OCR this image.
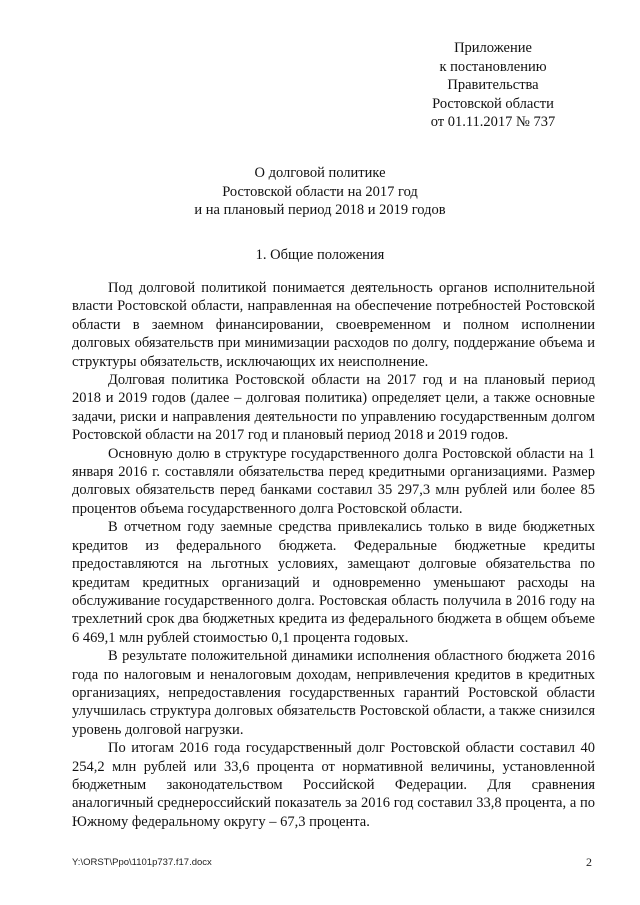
Приложение
к постановлению
Правительства
Ростовской области
от 01.11.2017 № 737
О долговой политике
Ростовской области на 2017 год
и на плановый период 2018 и 2019 годов
1. Общие положения

Под долговой политикой понимается деятельность органов исполнительной власти Ростовской области, направленная на обеспечение потребностей Ростовской области в заемном финансировании, своевременном и полном исполнении долговых обязательств при минимизации расходов по долгу, поддержание объема и структуры обязательств, исключающих их неисполнение.

Долговая политика Ростовской области на 2017 год и на плановый период 2018 и 2019 годов (далее – долговая политика) определяет цели, а также основные задачи, риски и направления деятельности по управлению государственным долгом Ростовской области на 2017 год и плановый период 2018 и 2019 годов.

Основную долю в структуре государственного долга Ростовской области на 1 января 2016 г. составляли обязательства перед кредитными организациями. Размер долговых обязательств перед банками составил 35 297,3 млн рублей или более 85 процентов объема государственного долга Ростовской области.

В отчетном году заемные средства привлекались только в виде бюджетных кредитов из федерального бюджета. Федеральные бюджетные кредиты предоставляются на льготных условиях, замещают долговые обязательства по кредитам кредитных организаций и одновременно уменьшают расходы на обслуживание государственного долга. Ростовская область получила в 2016 году на трехлетний срок два бюджетных кредита из федерального бюджета в общем объеме 6 469,1 млн рублей стоимостью 0,1 процента годовых.

В результате положительной динамики исполнения областного бюджета 2016 года по налоговым и неналоговым доходам, непривлечения кредитов в кредитных организациях, непредоставления государственных гарантий Ростовской области улучшилась структура долговых обязательств Ростовской области, а также снизился уровень долговой нагрузки.

По итогам 2016 года государственный долг Ростовской области составил 40 254,2 млн рублей или 33,6 процента от нормативной величины, установленной бюджетным законодательством Российской Федерации. Для сравнения аналогичный среднероссийский показатель за 2016 год составил 33,8 процента, а по Южному федеральному округу – 67,3 процента.

Y:\ORST\Ppo\1101p737.f17.docx	2
